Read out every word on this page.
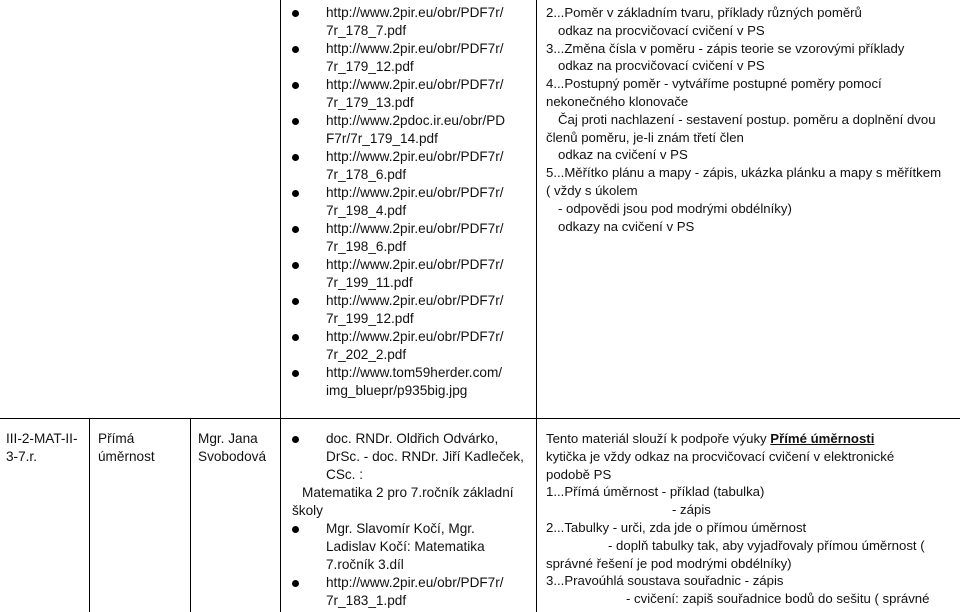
http://www.2pir.eu/obr/PDF7r/
7r_178_7.pdf
http://www.2pir.eu/obr/PDF7r/
7r_179_12.pdf
http://www.2pir.eu/obr/PDF7r/
7r_179_13.pdf
http://www.2pdoc.ir.eu/obr/PD
F7r/7r_179_14.pdf
http://www.2pir.eu/obr/PDF7r/
7r_178_6.pdf
http://www.2pir.eu/obr/PDF7r/
7r_198_4.pdf
http://www.2pir.eu/obr/PDF7r/
7r_198_6.pdf
http://www.2pir.eu/obr/PDF7r/
7r_199_11.pdf
http://www.2pir.eu/obr/PDF7r/
7r_199_12.pdf
http://www.2pir.eu/obr/PDF7r/
7r_202_2.pdf
http://www.tom59herder.com/
img_bluepr/p935big.jpg
2...Poměr v základním tvaru, příklady různých poměrů
odkaz na procvičovací cvičení v PS
3...Změna čísla v poměru - zápis teorie se vzorovými příklady
odkaz na procvičovací cvičení v PS
4...Postupný poměr - vytváříme postupné poměry pomocí
nekonečného klonovače
Čaj proti nachlazení - sestavení postup. poměru a doplnění dvou
členů poměru, je-li znám třetí člen
odkaz na cvičení v PS
5...Měřítko plánu a mapy - zápis, ukázka plánku a mapy s měřítkem
( vždy s úkolem
- odpovědi jsou pod modrými obdélníky)
odkazy na cvičení v PS
III-2-MAT-II-
3-7.r.
Přímá
úměrnost
Mgr. Jana
Svobodová
doc. RNDr. Oldřich Odvárko,
DrSc. - doc. RNDr. Jiří Kadleček,
CSc. :
Matematika 2 pro 7.ročník základní
školy
Mgr. Slavomír Kočí, Mgr.
Ladislav Kočí: Matematika
7.ročník 3.díl
http://www.2pir.eu/obr/PDF7r/
7r_183_1.pdf
Tento materiál slouží k podpoře výuky Přímé úměrnosti
kytička je vždy odkaz na procvičovací cvičení v elektronické
podobě PS
1...Přímá úměrnost - příklad (tabulka)
- zápis
2...Tabulky - urči, zda jde o přímou úměrnost
- doplň tabulky tak, aby vyjadřovaly přímou úměrnost (
správné řešení je pod modrými obdélníky)
3...Pravoúhlá soustava souřadnic - zápis
- cvičení: zapiš souřadnice bodů do sešitu ( správné
